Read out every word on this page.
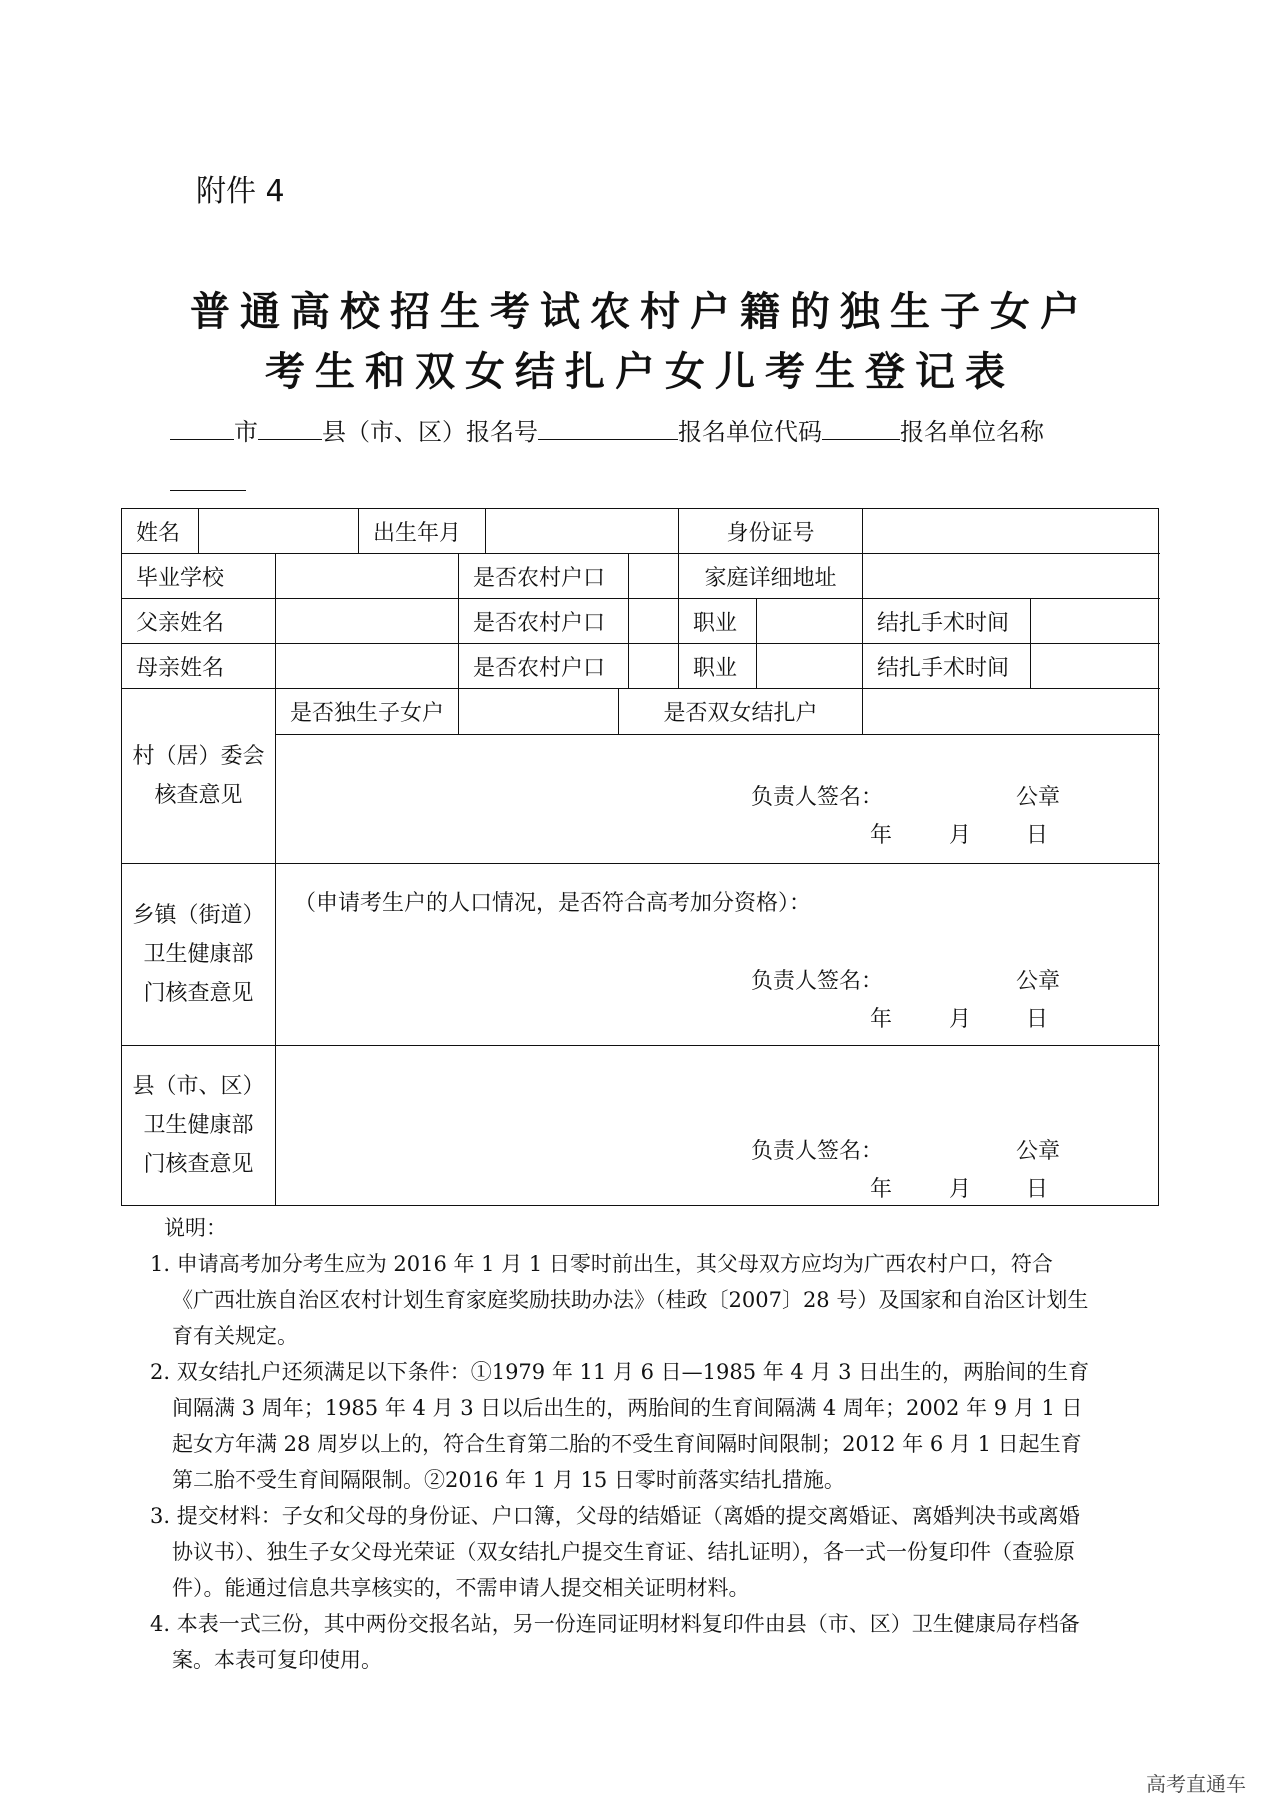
附件 4
普通高校招生考试农村户籍的独生子女户
考生和双女结扎户女儿考生登记表
市	县（市、区）报名号	报名单位代码	报名单位名称
姓名	出生年月	身份证号
毕业学校	是否农村户口	家庭详细地址
父亲姓名	是否农村户口	职业	结扎手术时间
母亲姓名	是否农村户口	职业	结扎手术时间
村（居）委会
核查意见
是否独生子女户	是否双女结扎户
负责人签名：	公章
年	月 日
乡镇（街道）
卫生健康部
门核查意见
（申请考生户的人口情况，是否符合高考加分资格）：
负责人签名：	公章
年	月 日
县（市、区）
卫生健康部
门核查意见
负责人签名：	公章
年	月 日
说明：
1. 申请高考加分考生应为 2016 年 1 月 1 日零时前出生，其父母双方应均为广西农村户口，符合《广西壮族自治区农村计划生育家庭奖励扶助办法》（桂政〔2007〕28 号）及国家和自治区计划生育有关规定。
2. 双女结扎户还须满足以下条件：①1979 年 11 月 6 日—1985 年 4 月 3 日出生的，两胎间的生育间隔满 3 周年；1985 年 4 月 3 日以后出生的，两胎间的生育间隔满 4 周年；2002 年 9 月 1 日起女方年满 28 周岁以上的，符合生育第二胎的不受生育间隔时间限制；2012 年 6 月 1 日起生育第二胎不受生育间隔限制。②2016 年 1 月 15 日零时前落实结扎措施。
3. 提交材料：子女和父母的身份证、户口簿，父母的结婚证（离婚的提交离婚证、离婚判决书或离婚协议书）、独生子女父母光荣证（双女结扎户提交生育证、结扎证明），各一式一份复印件（查验原件）。能通过信息共享核实的，不需申请人提交相关证明材料。
4. 本表一式三份，其中两份交报名站，另一份连同证明材料复印件由县（市、区）卫生健康局存档备案。本表可复印使用。
高考直通车
